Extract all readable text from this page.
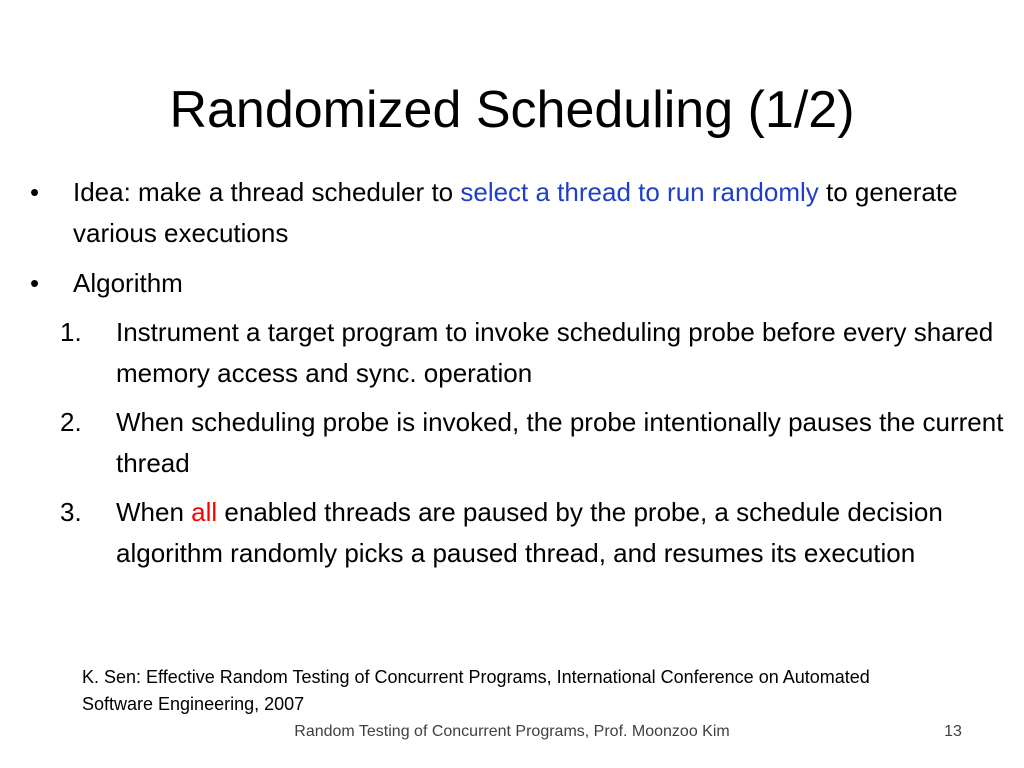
Randomized Scheduling (1/2)
•	Idea: make a thread scheduler to select a thread to run randomly to generate various executions
•	Algorithm
1.	Instrument a target program to invoke scheduling probe before every shared memory access and sync. operation
2.	When scheduling probe is invoked, the probe intentionally pauses the current thread
3.	When all enabled threads are paused by the probe, a schedule decision algorithm randomly picks a paused thread, and resumes its execution
K. Sen: Effective Random Testing of Concurrent Programs, International Conference on Automated Software Engineering, 2007
Random Testing of Concurrent Programs, Prof. Moonzoo Kim	13
